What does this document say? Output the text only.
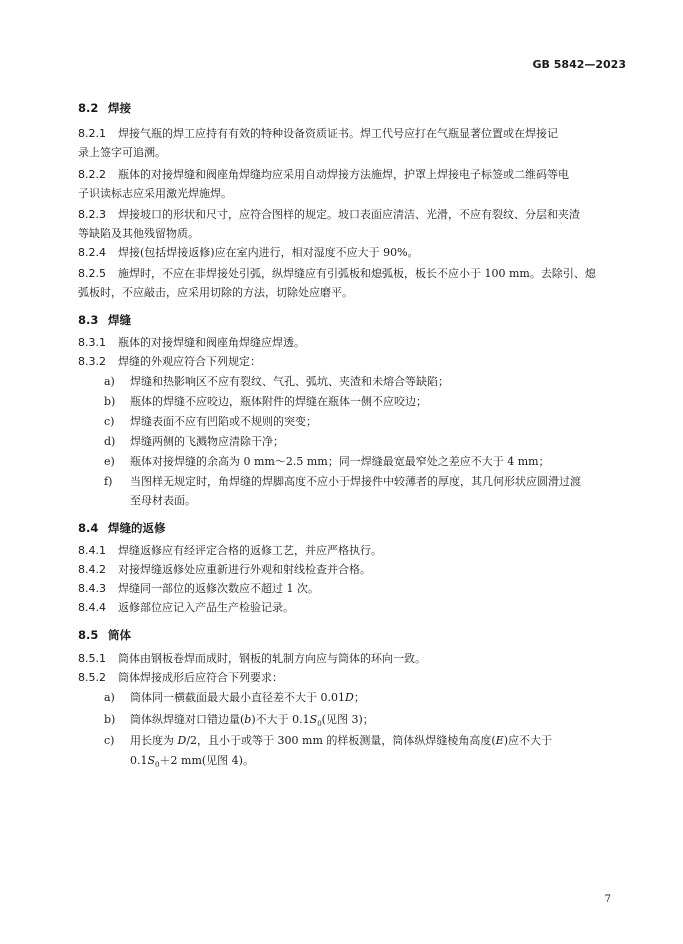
GB 5842—2023
8.2 焊接
8.2.1 焊接气瓶的焊工应持有有效的特种设备资质证书。焊工代号应打在气瓶显著位置或在焊接记
录上签字可追溯。
8.2.2 瓶体的对接焊缝和阀座角焊缝均应采用自动焊接方法施焊，护罩上焊接电子标签或二维码等电
子识读标志应采用激光焊施焊。
8.2.3 焊接坡口的形状和尺寸，应符合图样的规定。坡口表面应清洁、光滑，不应有裂纹、分层和夹渣
等缺陷及其他残留物质。
8.2.4 焊接(包括焊接返修)应在室内进行，相对湿度不应大于 90%。
8.2.5 施焊时，不应在非焊接处引弧，纵焊缝应有引弧板和熄弧板，板长不应小于 100 mm。去除引、熄
弧板时，不应敲击，应采用切除的方法，切除处应磨平。
8.3 焊缝
8.3.1 瓶体的对接焊缝和阀座角焊缝应焊透。
8.3.2 焊缝的外观应符合下列规定：
a) 焊缝和热影响区不应有裂纹、气孔、弧坑、夹渣和未熔合等缺陷；
b) 瓶体的焊缝不应咬边，瓶体附件的焊缝在瓶体一侧不应咬边；
c) 焊缝表面不应有凹陷或不规则的突变；
d) 焊缝两侧的飞溅物应清除干净；
e) 瓶体对接焊缝的余高为 0 mm～2.5 mm；同一焊缝最宽最窄处之差应不大于 4 mm；
f) 当图样无规定时，角焊缝的焊脚高度不应小于焊接件中较薄者的厚度，其几何形状应圆滑过渡
至母材表面。
8.4 焊缝的返修
8.4.1 焊缝返修应有经评定合格的返修工艺，并应严格执行。
8.4.2 对接焊缝返修处应重新进行外观和射线检查并合格。
8.4.3 焊缝同一部位的返修次数应不超过 1 次。
8.4.4 返修部位应记入产品生产检验记录。
8.5 筒体
8.5.1 筒体由钢板卷焊而成时，钢板的轧制方向应与筒体的环向一致。
8.5.2 筒体焊接成形后应符合下列要求：
a) 筒体同一横截面最大最小直径差不大于 0.01D；
b) 筒体纵焊缝对口错边量(b)不大于 $0.1S_0$(见图 3)；
c) 用长度为 D/2，且小于或等于 300 mm 的样板测量，筒体纵焊缝棱角高度(E)应不大于
$0.1S_0+2$ mm(见图 4)。
7
